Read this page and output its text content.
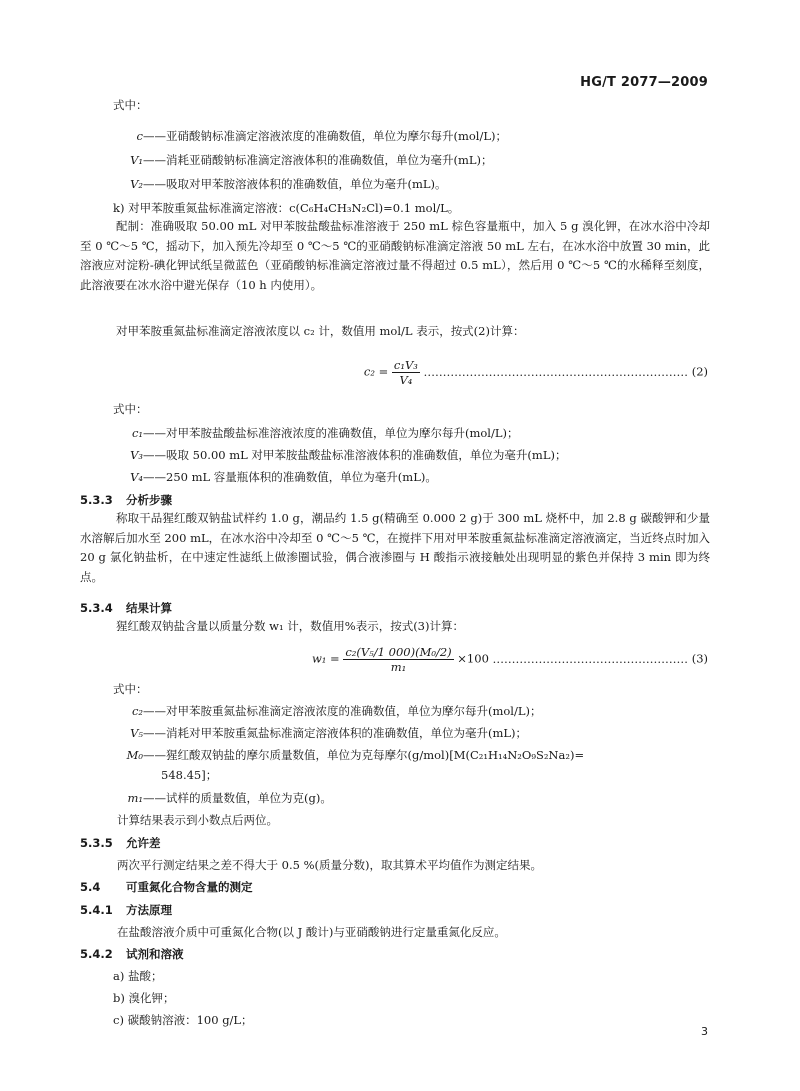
HG/T 2077—2009
式中：
c——亚硝酸钠标准滴定溶液浓度的准确数值，单位为摩尔每升(mol/L)；
V₁——消耗亚硝酸钠标准滴定溶液体积的准确数值，单位为毫升(mL)；
V₂——吸取对甲苯胺溶液体积的准确数值，单位为毫升(mL)。
k) 对甲苯胺重氮盐标准滴定溶液：c(C₆H₄CH₃N₂Cl)=0.1 mol/L。

配制：准确吸取 50.00 mL 对甲苯胺盐酸盐标准溶液于 250 mL 棕色容量瓶中，加入 5 g 溴化钾，在冰水浴中冷却至 0 ℃～5 ℃，摇动下，加入预先冷却至 0 ℃～5 ℃的亚硝酸钠标准滴定溶液 50 mL 左右，在冰水浴中放置 30 min，此溶液应对淀粉-碘化钾试纸呈微蓝色（亚硝酸钠标准滴定溶液过量不得超过 0.5 mL），然后用 0 ℃～5 ℃的水稀释至刻度，此溶液要在冰水浴中避光保存（10 h 内使用）。

对甲苯胺重氮盐标准滴定溶液浓度以 c₂ 计，数值用 mol/L 表示，按式(2)计算：

$c_2 = \frac{\text{c₁V₃}}{\text{V₄}}$ …………………………………………………………… (2)
式中：
c₁——对甲苯胺盐酸盐标准溶液浓度的准确数值，单位为摩尔每升(mol/L)；
V₃——吸取 50.00 mL 对甲苯胺盐酸盐标准溶液体积的准确数值，单位为毫升(mL)；
V₄——250 mL 容量瓶体积的准确数值，单位为毫升(mL)。
5.3.3 分析步骤

称取干品猩红酸双钠盐试样约 1.0 g，潮品约 1.5 g(精确至 0.000 2 g)于 300 mL 烧杯中，加 2.8 g 碳酸钾和少量水溶解后加水至 200 mL，在冰水浴中冷却至 0 ℃～5 ℃，在搅拌下用对甲苯胺重氮盐标准滴定溶液滴定，当近终点时加入 20 g 氯化钠盐析，在中速定性滤纸上做渗圈试验，偶合液渗圈与 H 酸指示液接触处出现明显的紫色并保持 3 min 即为终点。

5.3.4 结果计算

猩红酸双钠盐含量以质量分数 w₁ 计，数值用%表示，按式(3)计算：

$w_1 = \frac{\text{c₂(V₅/1 000)(M₀/2)}}{\text{m₁}} \times 100$ …………………………………………… (3)
式中：
c₂——对甲苯胺重氮盐标准滴定溶液浓度的准确数值，单位为摩尔每升(mol/L)；
V₅——消耗对甲苯胺重氮盐标准滴定溶液体积的准确数值，单位为毫升(mL)；
M₀——猩红酸双钠盐的摩尔质量数值，单位为克每摩尔(g/mol)[M(C₂₁H₁₄N₂O₉S₂Na₂)=
548.45]；
m₁——试样的质量数值，单位为克(g)。
计算结果表示到小数点后两位。
5.3.5 允许差
两次平行测定结果之差不得大于 0.5 %(质量分数)，取其算术平均值作为测定结果。
5.4 可重氮化合物含量的测定
5.4.1 方法原理
在盐酸溶液介质中可重氮化合物(以 J 酸计)与亚硝酸钠进行定量重氮化反应。
5.4.2 试剂和溶液
a) 盐酸；
b) 溴化钾；
c) 碳酸钠溶液：100 g/L；
3
